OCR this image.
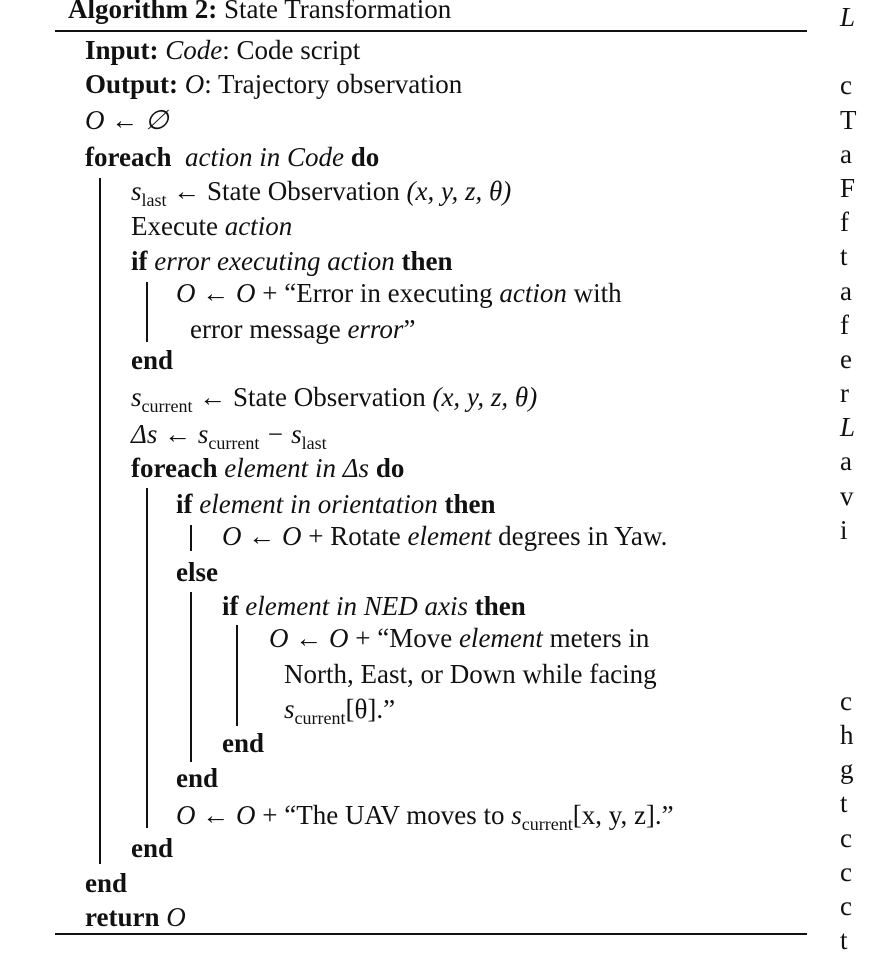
Algorithm 2: State Transformation
Input: Code: Code script
Output: O: Trajectory observation
O ← ∅
foreach action in Code do
$s_{last}$ ← State Observation (x, y, z, θ)
Execute action
if error executing action then
O ← O + “Error in executing action with
error message error”
end
$s_{current}$ ← State Observation (x, y, z, θ)
Δs ← $s_{current} - s_{last}$
foreach element in Δs do
if element in orientation then
O ← O + Rotate element degrees in Yaw.
else
if element in NED axis then
O ← O + “Move element meters in
North, East, or Down while facing
$s_{current}[\theta]$.”
end
end
O ← O + “The UAV moves to $s_{current}[x$, y, z].”
end
end
return O
L
c
T
a
F
f
t
a
f
e
r
L
a
v
i
c
h
g
t
c
c
c
t
